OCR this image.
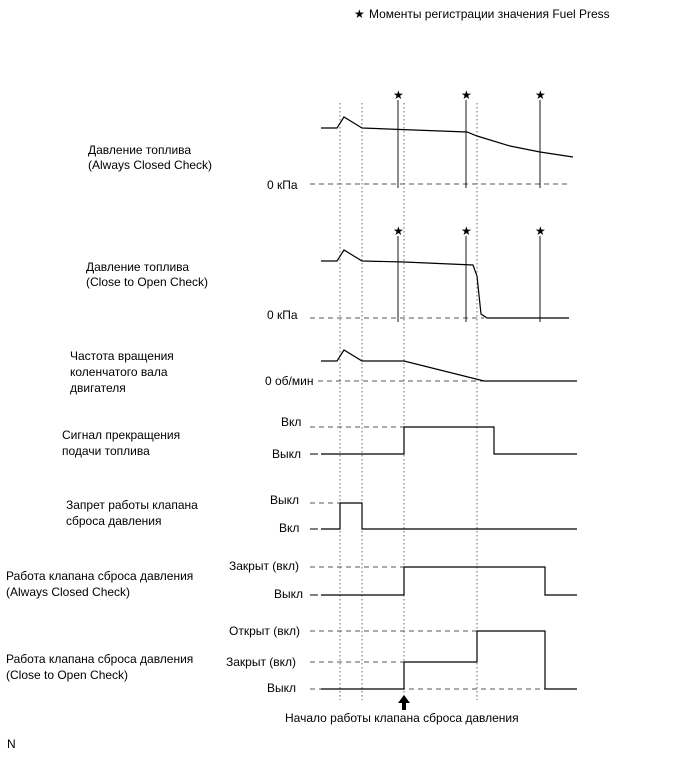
★ Моменты регистрации значения Fuel Press
Давление топлива
(Always Closed Check)
0 кПа
★	★	★
Давление топлива
(Close to Open Check)
0 кПа
★	★	★
Частота вращения
коленчатого вала
двигателя	0 об/мин
Сигнал прекращения
подачи топлива
Вкл
Выкл
Запрет работы клапана
сброса давления
Выкл
Вкл
Работа клапана сброса давления
(Always Closed Check)
Закрыт (вкл)
Выкл
Работа клапана сброса давления
(Close to Open Check)
Открыт (вкл)
Закрыт (вкл)
Выкл
Начало работы клапана сброса давления
N
